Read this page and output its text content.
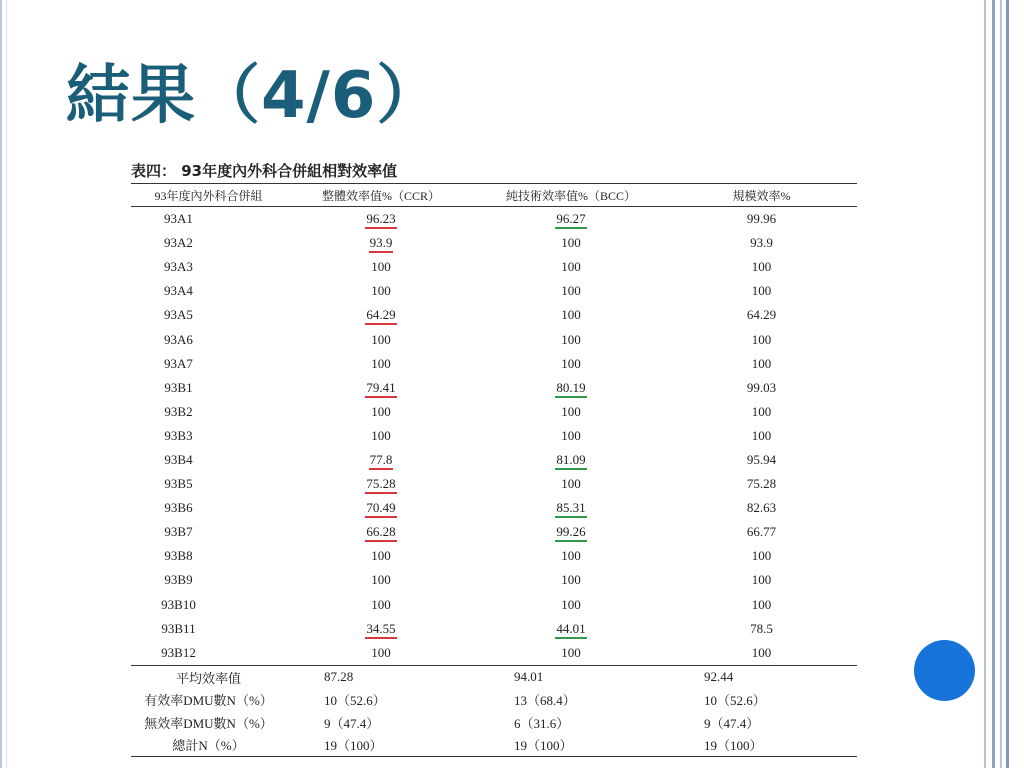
結果（4/6）
表四： 93年度內外科合併組相對效率值
93年度內外科合併組	整體效率值%（CCR）	純技術效率值%（BCC）	規模效率%
93A1	96.23	96.27	99.96
93A2	93.9	100	93.9
93A3	100	100	100
93A4	100	100	100
93A5	64.29	100	64.29
93A6	100	100	100
93A7	100	100	100
93B1	79.41	80.19	99.03
93B2	100	100	100
93B3	100	100	100
93B4	77.8	81.09	95.94
93B5	75.28	100	75.28
93B6	70.49	85.31	82.63
93B7	66.28	99.26	66.77
93B8	100	100	100
93B9	100	100	100
93B10	100	100	100
93B11	34.55	44.01	78.5
93B12	100	100	100
平均效率值	87.28	94.01	92.44
有效率DMU數N（%）	10（52.6）	13（68.4）	10（52.6）
無效率DMU數N（%）	9（47.4）	6（31.6）	9（47.4）
總計N（%）	19（100）	19（100）	19（100）
